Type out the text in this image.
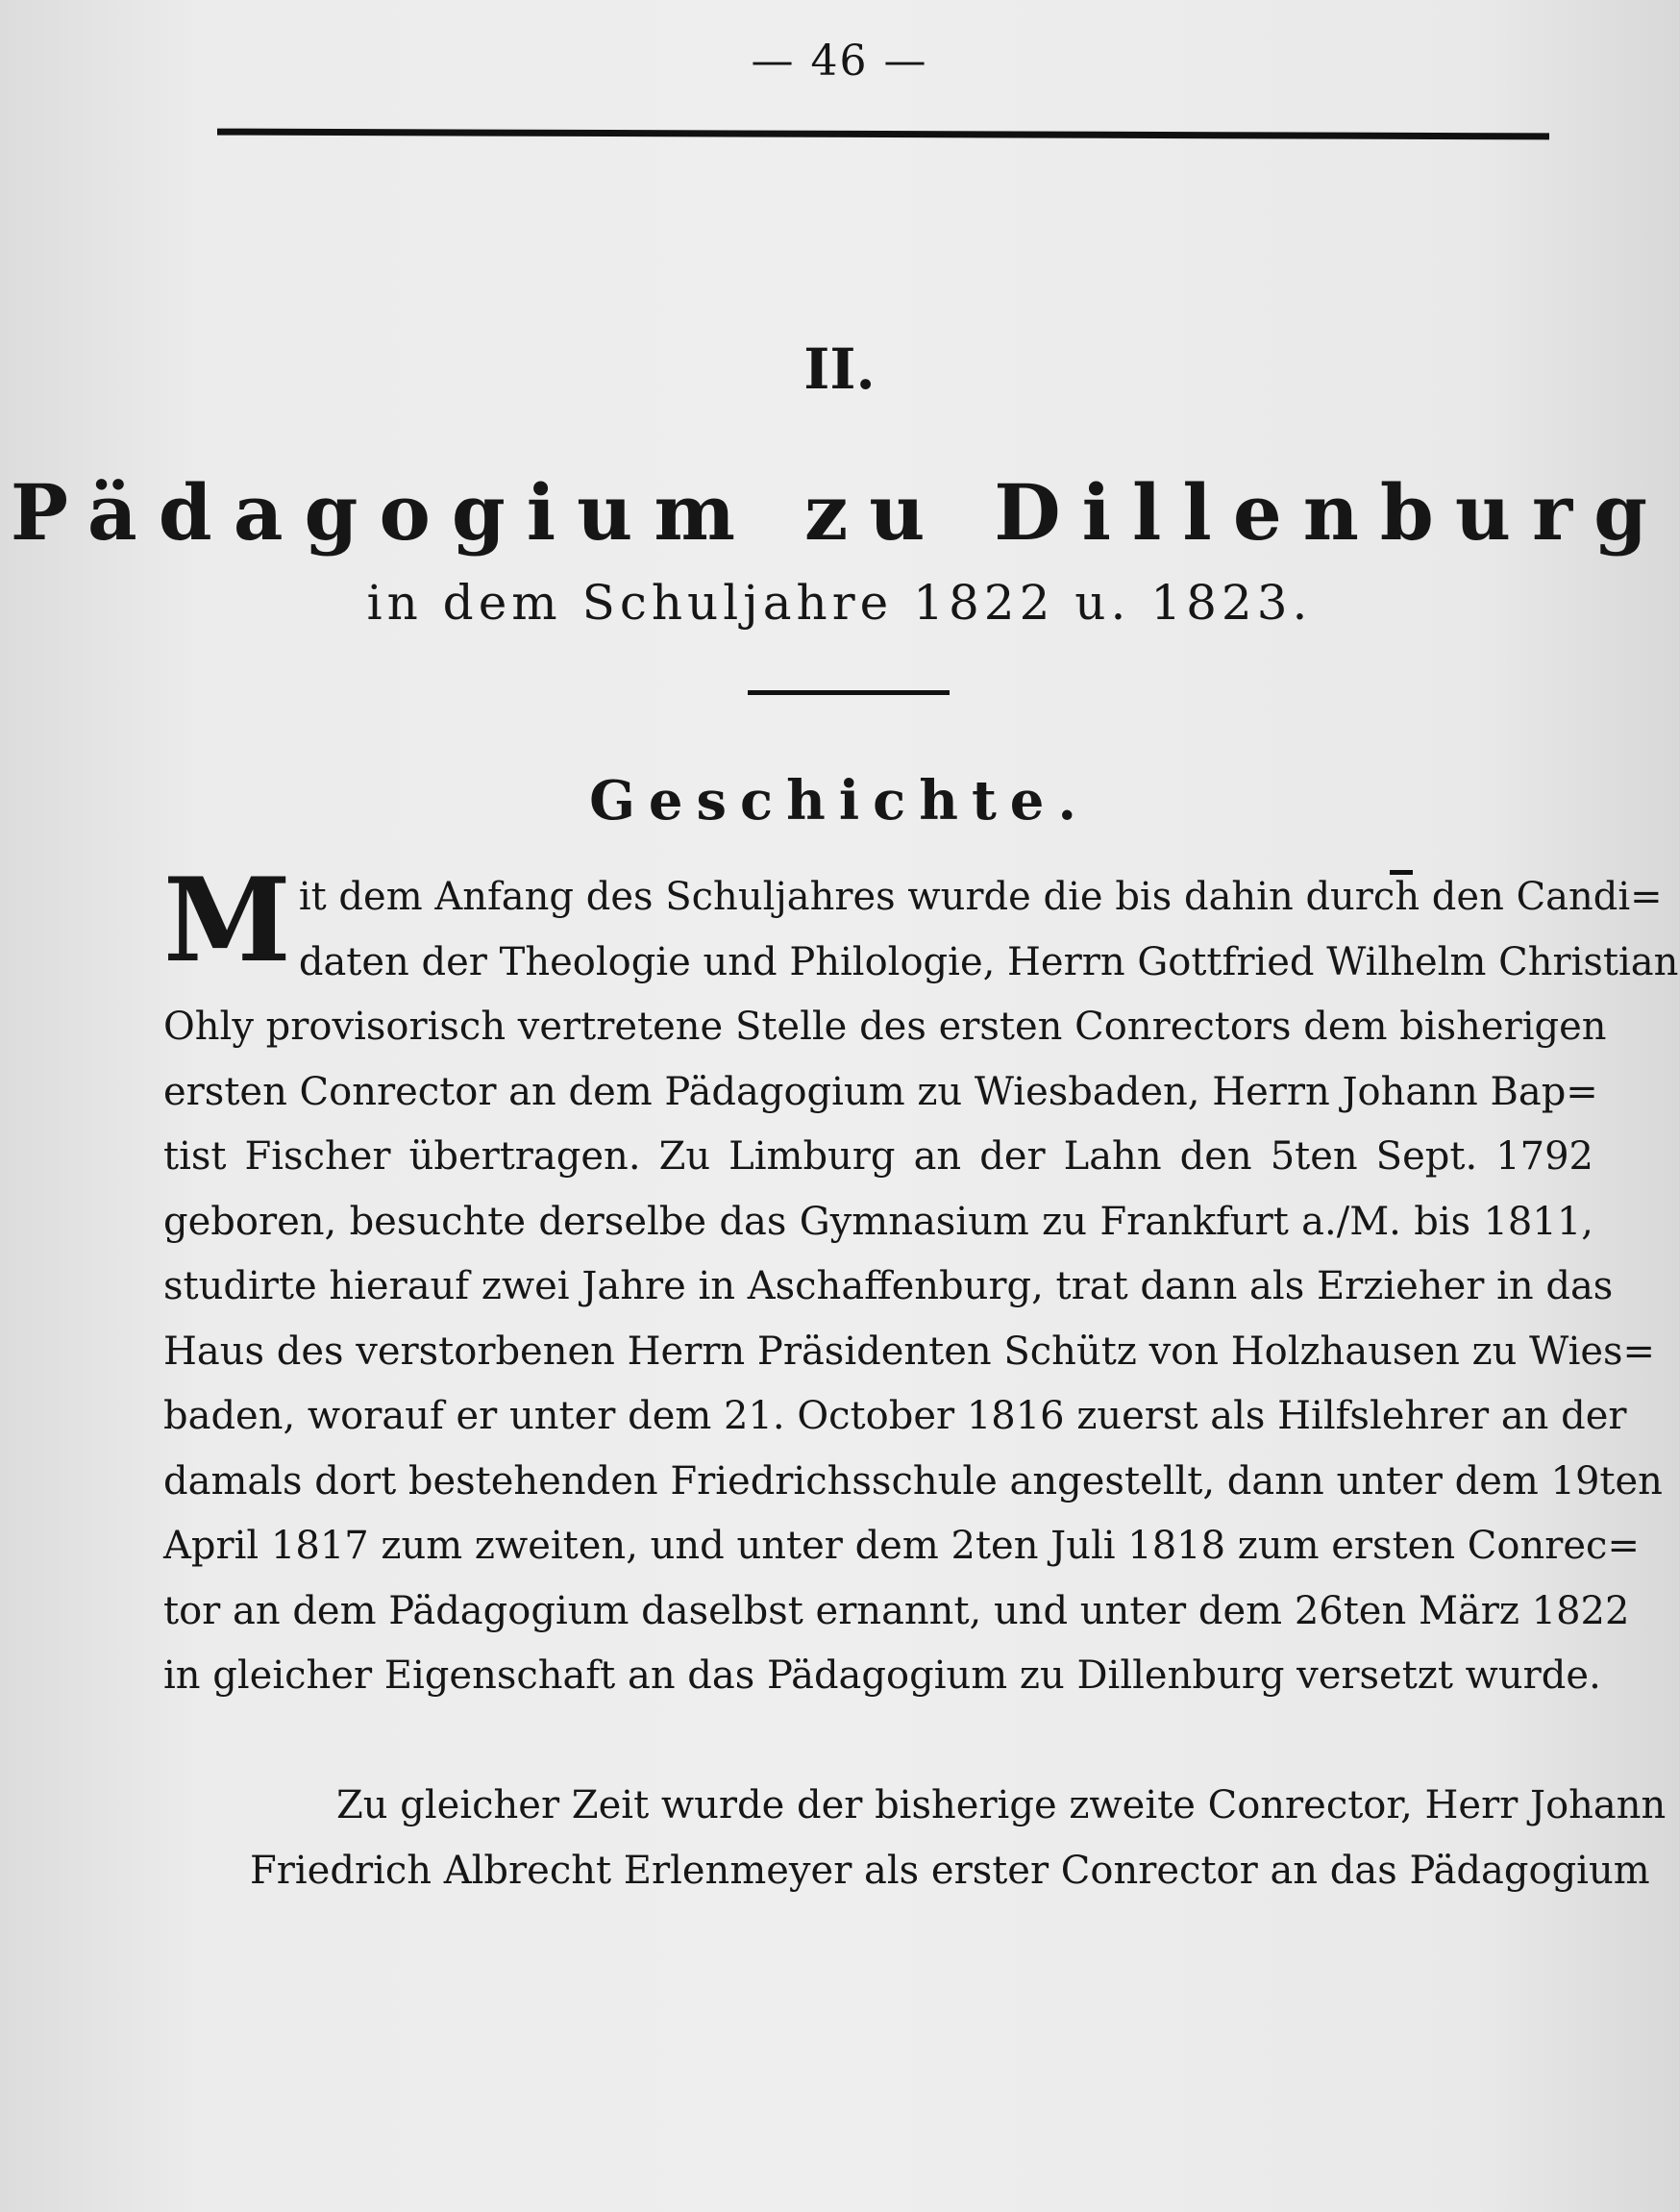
— 46 —
II.
Pädagogium zu Dillenburg
in dem Schuljahre 1822 u. 1823.
Geschichte.
M it dem Anfang des Schuljahres wurde die bis dahin durch den Candi=
daten der Theologie und Philologie, Herrn Gottfried Wilhelm Christian
Ohly provisorisch vertretene Stelle des ersten Conrectors dem bisherigen
ersten Conrector an dem Pädagogium zu Wiesbaden, Herrn Johann Bap=
tist Fischer übertragen. Zu Limburg an der Lahn den 5ten Sept. 1792
geboren, besuchte derselbe das Gymnasium zu Frankfurt a./M. bis 1811,
studirte hierauf zwei Jahre in Aschaffenburg, trat dann als Erzieher in das
Haus des verstorbenen Herrn Präsidenten Schütz von Holzhausen zu Wies=
baden, worauf er unter dem 21. October 1816 zuerst als Hilfslehrer an der
damals dort bestehenden Friedrichsschule angestellt, dann unter dem 19ten
April 1817 zum zweiten, und unter dem 2ten Juli 1818 zum ersten Conrec=
tor an dem Pädagogium daselbst ernannt, und unter dem 26ten März 1822
in gleicher Eigenschaft an das Pädagogium zu Dillenburg versetzt wurde.
Zu gleicher Zeit wurde der bisherige zweite Conrector, Herr Johann
Friedrich Albrecht Erlenmeyer als erster Conrector an das Pädagogium
